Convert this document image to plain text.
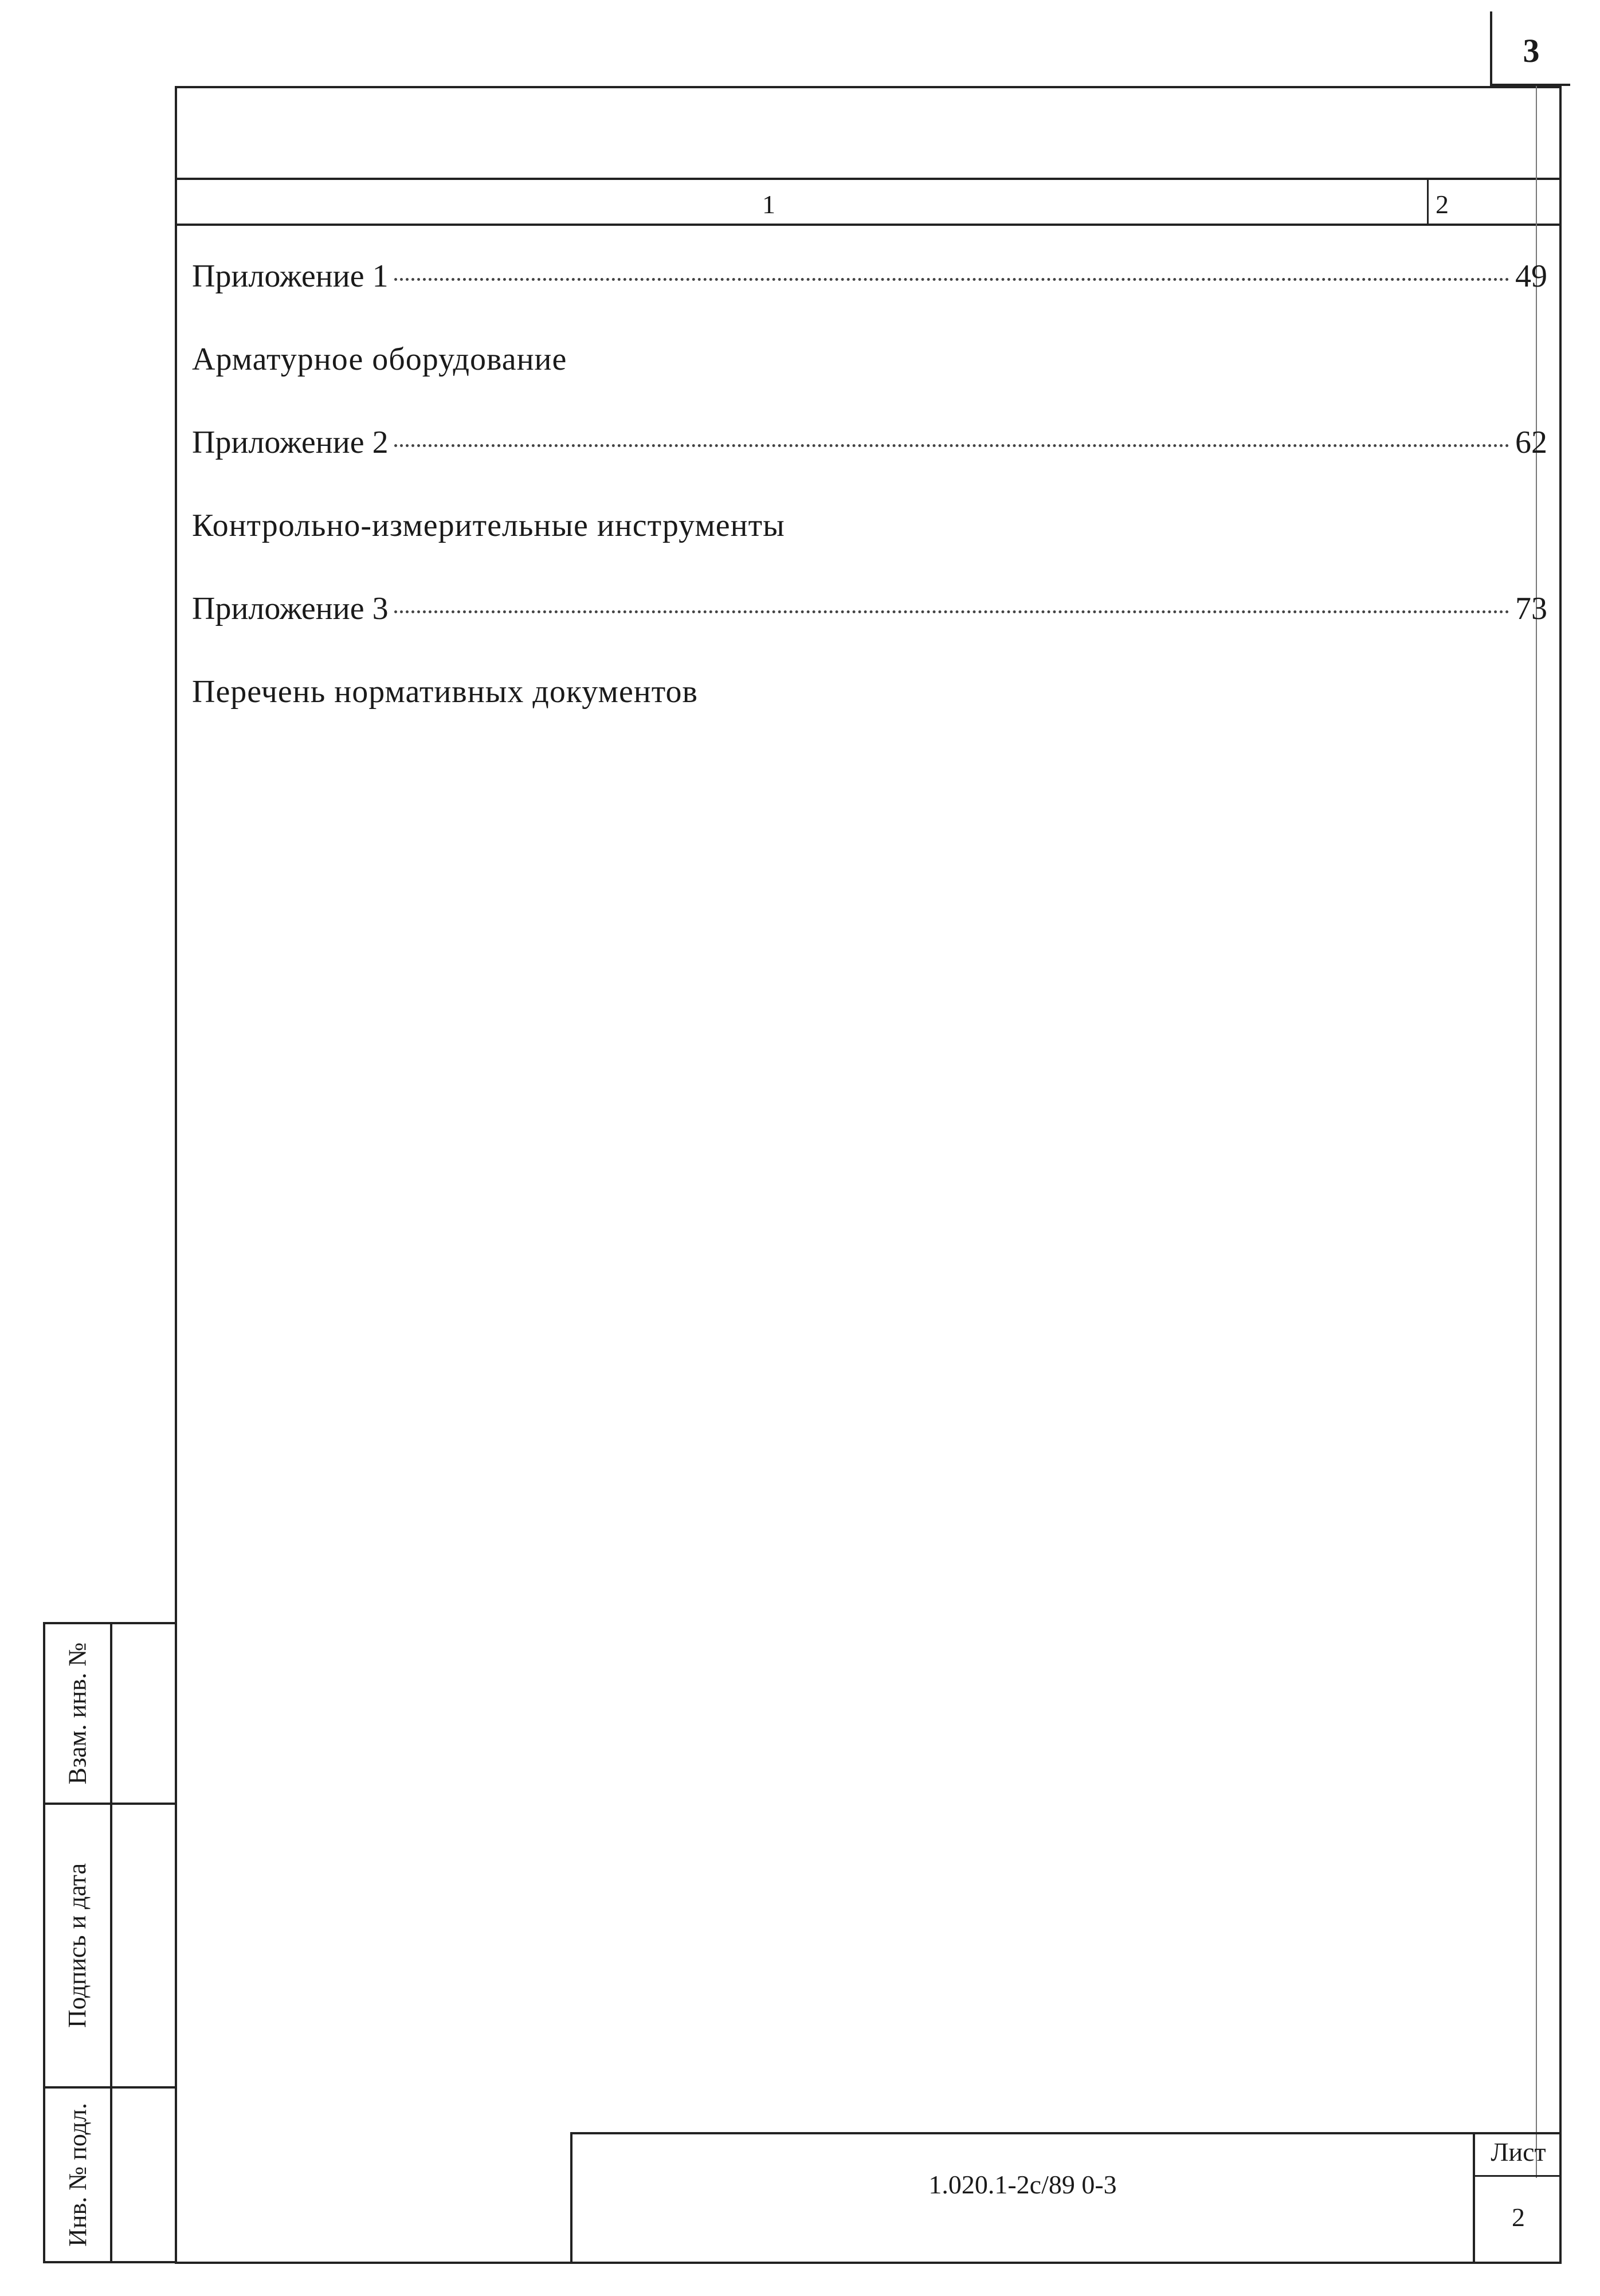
3
1	2
Приложение 1	49
Арматурное оборудование
Приложение 2	62
Контрольно-измерительные инструменты
Приложение 3	73
Перечень нормативных документов
Взам. инв. №
Подпись и дата
Инв. № подл.	1.020.1-2с/89 0-3
Лист
2
